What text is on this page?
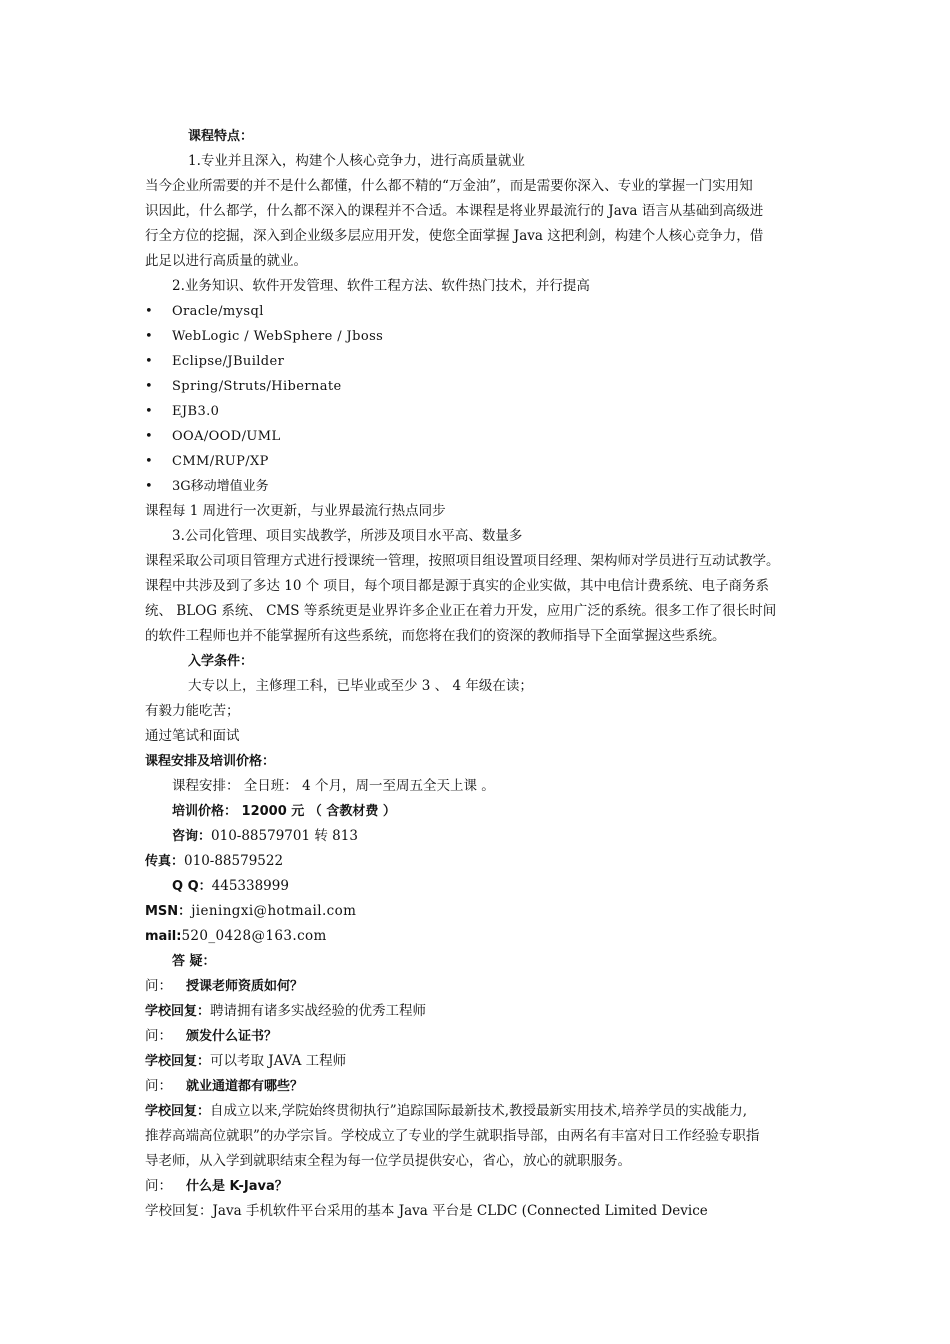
课程特点：
1.专业并且深入，构建个人核心竞争力，进行高质量就业
当今企业所需要的并不是什么都懂，什么都不精的“万金油”，而是需要你深入、专业的掌握一门实用知
识因此，什么都学，什么都不深入的课程并不合适。本课程是将业界最流行的 Java 语言从基础到高级进
行全方位的挖掘，深入到企业级多层应用开发，使您全面掌握 Java 这把利剑，构建个人核心竞争力，借
此足以进行高质量的就业。
2.业务知识、软件开发管理、软件工程方法、软件热门技术，并行提高
• Oracle/mysql
• WebLogic / WebSphere / Jboss
• Eclipse/JBuilder
• Spring/Struts/Hibernate
• EJB3.0
• OOA/OOD/UML
• CMM/RUP/XP
• 3G移动增值业务
课程每 1 周进行一次更新，与业界最流行热点同步
3.公司化管理、项目实战教学，所涉及项目水平高、数量多
课程采取公司项目管理方式进行授课统一管理，按照项目组设置项目经理、架构师对学员进行互动试教学。
课程中共涉及到了多达 10 个 项目，每个项目都是源于真实的企业实做，其中电信计费系统、电子商务系
统、 BLOG 系统、 CMS 等系统更是业界许多企业正在着力开发，应用广泛的系统。很多工作了很长时间
的软件工程师也并不能掌握所有这些系统，而您将在我们的资深的教师指导下全面掌握这些系统。
入学条件：
大专以上，主修理工科，已毕业或至少 3 、 4 年级在读；
有毅力能吃苦；
通过笔试和面试
课程安排及培训价格：
课程安排： 全日班： 4 个月，周一至周五全天上课 。
培训价格： 12000 元 （ 含教材费 ）
咨询：010-88579701 转 813
传真：010-88579522
Q Q：445338999
MSN：jieningxi@hotmail.com
mail:520_0428@163.com
答 疑：
问： 授课老师资质如何？
学校回复：聘请拥有诸多实战经验的优秀工程师
问： 颁发什么证书？
学校回复：可以考取 JAVA 工程师
问： 就业通道都有哪些？
学校回复：自成立以来,学院始终贯彻执行”追踪国际最新技术,教授最新实用技术,培养学员的实战能力,
推荐高端高位就职”的办学宗旨。学校成立了专业的学生就职指导部，由两名有丰富对日工作经验专职指
导老师，从入学到就职结束全程为每一位学员提供安心，省心，放心的就职服务。
问： 什么是 K-Java？
学校回复：Java 手机软件平台采用的基本 Java 平台是 CLDC (Connected Limited Device
